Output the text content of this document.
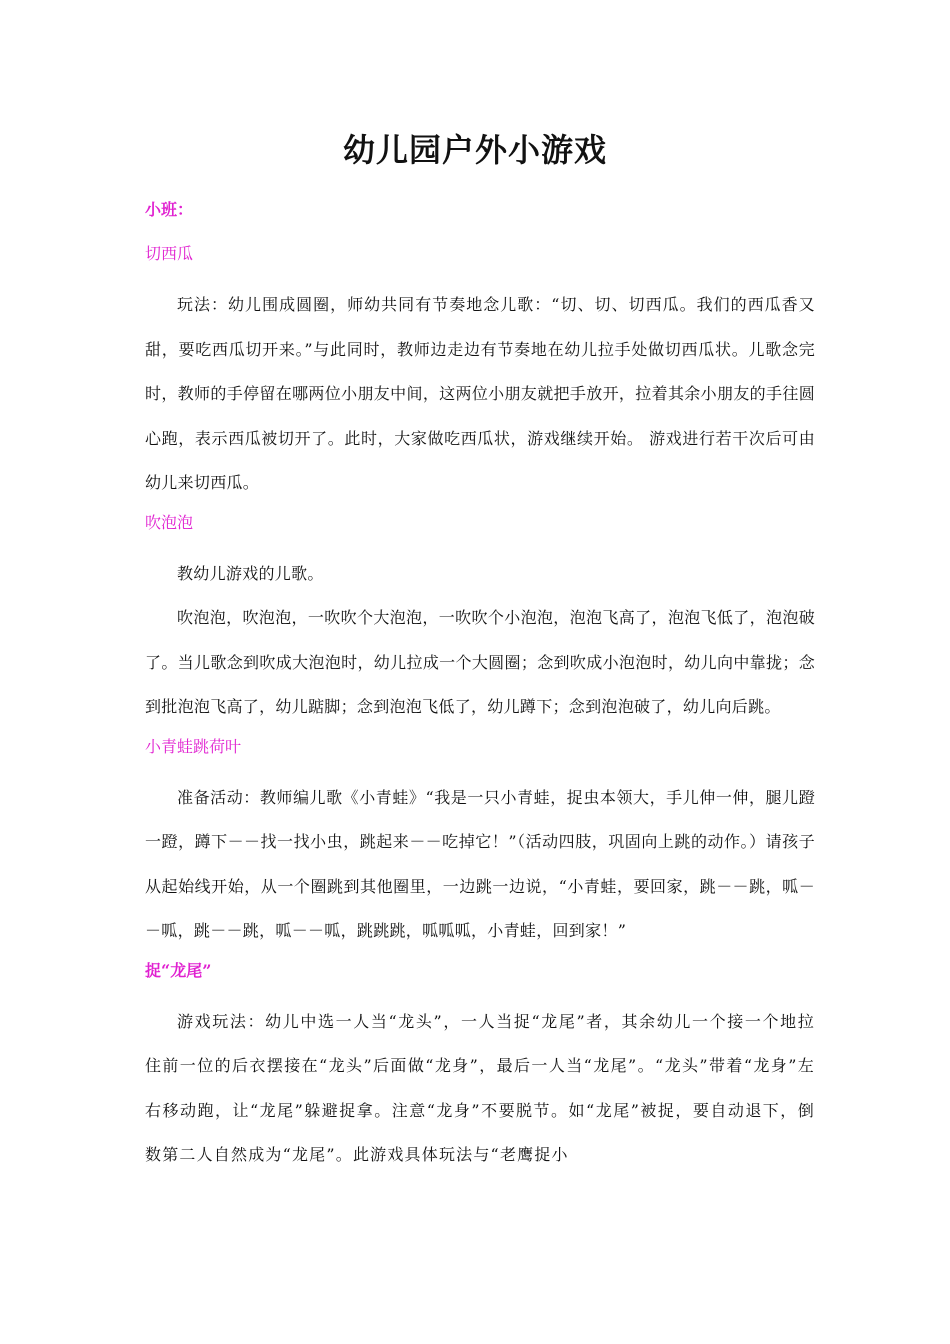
幼儿园户外小游戏
小班：
切西瓜

玩法：幼儿围成圆圈，师幼共同有节奏地念儿歌：“切、切、切西瓜。我们的西瓜香又甜，要吃西瓜切开来。”与此同时，教师边走边有节奏地在幼儿拉手处做切西瓜状。儿歌念完时，教师的手停留在哪两位小朋友中间，这两位小朋友就把手放开，拉着其余小朋友的手往圆心跑，表示西瓜被切开了。此时，大家做吃西瓜状，游戏继续开始。 游戏进行若干次后可由幼儿来切西瓜。

吹泡泡

教幼儿游戏的儿歌。

吹泡泡，吹泡泡，一吹吹个大泡泡，一吹吹个小泡泡，泡泡飞高了，泡泡飞低了，泡泡破了。当儿歌念到吹成大泡泡时，幼儿拉成一个大圆圈；念到吹成小泡泡时，幼儿向中靠拢；念到批泡泡飞高了，幼儿踮脚；念到泡泡飞低了，幼儿蹲下；念到泡泡破了，幼儿向后跳。

小青蛙跳荷叶

准备活动：教师编儿歌《小青蛙》“我是一只小青蛙，捉虫本领大，手儿伸一伸，腿儿蹬一蹬，蹲下－－找一找小虫，跳起来－－吃掉它！”（活动四肢，巩固向上跳的动作。）请孩子从起始线开始，从一个圈跳到其他圈里，一边跳一边说，“小青蛙，要回家，跳－－跳，呱－－呱，跳－－跳，呱－－呱，跳跳跳，呱呱呱，小青蛙，回到家！”

捉“龙尾”

游戏玩法：幼儿中选一人当“龙头”，一人当捉“龙尾”者，其余幼儿一个接一个地拉住前一位的后衣摆接在“龙头”后面做“龙身”，最后一人当“龙尾”。“龙头”带着“龙身”左右移动跑，让“龙尾”躲避捉拿。注意“龙身”不要脱节。如“龙尾”被捉，要自动退下，倒数第二人自然成为“龙尾”。此游戏具体玩法与“老鹰捉小
